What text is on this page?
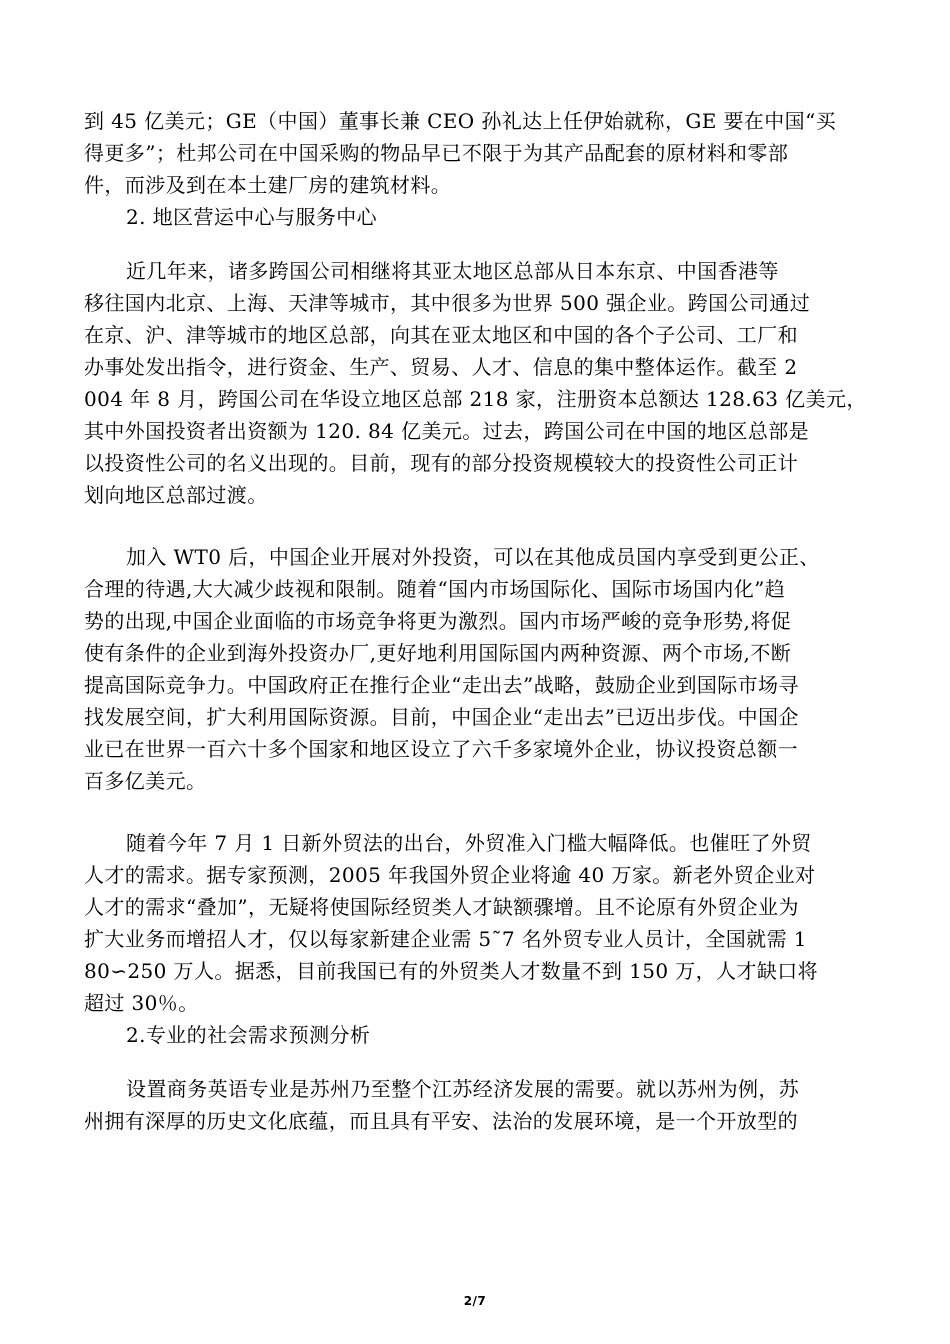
到 45 亿美元；GE（中国）董事长兼 CEO 孙礼达上任伊始就称，GE 要在中国“买
得更多”；杜邦公司在中国采购的物品早已不限于为其产品配套的原材料和零部
件，而涉及到在本土建厂房的建筑材料。
2. 地区营运中心与服务中心
近几年来，诸多跨国公司相继将其亚太地区总部从日本东京、中国香港等
移往国内北京、上海、天津等城市，其中很多为世界 500 强企业。跨国公司通过
在京、沪、津等城市的地区总部，向其在亚太地区和中国的各个子公司、工厂和
办事处发出指令，进行资金、生产、贸易、人才、信息的集中整体运作。截至 2
004 年 8 月，跨国公司在华设立地区总部 218 家，注册资本总额达 128.63 亿美元，
其中外国投资者出资额为 120. 84 亿美元。过去，跨国公司在中国的地区总部是
以投资性公司的名义出现的。目前，现有的部分投资规模较大的投资性公司正计
划向地区总部过渡。
加入 WT0 后，中国企业开展对外投资，可以在其他成员国内享受到更公正、
合理的待遇,大大减少歧视和限制。随着“国内市场国际化、国际市场国内化”趋
势的出现,中国企业面临的市场竞争将更为激烈。国内市场严峻的竞争形势,将促
使有条件的企业到海外投资办厂,更好地利用国际国内两种资源、两个市场,不断
提高国际竞争力。中国政府正在推行企业“走出去”战略，鼓励企业到国际市场寻
找发展空间，扩大利用国际资源。目前，中国企业“走出去”已迈出步伐。中国企
业已在世界一百六十多个国家和地区设立了六千多家境外企业，协议投资总额一
百多亿美元。
随着今年 7 月 1 日新外贸法的出台，外贸准入门槛大幅降低。也催旺了外贸
人才的需求。据专家预测，2005 年我国外贸企业将逾 40 万家。新老外贸企业对
人才的需求“叠加”，无疑将使国际经贸类人才缺额骤增。且不论原有外贸企业为
扩大业务而增招人才，仅以每家新建企业需 5˜7 名外贸专业人员计，全国就需 1
80∽250 万人。据悉，目前我国已有的外贸类人才数量不到 150 万，人才缺口将
超过 30％。
2.专业的社会需求预测分析
设置商务英语专业是苏州乃至整个江苏经济发展的需要。就以苏州为例，苏
州拥有深厚的历史文化底蕴，而且具有平安、法治的发展环境，是一个开放型的
2/7
